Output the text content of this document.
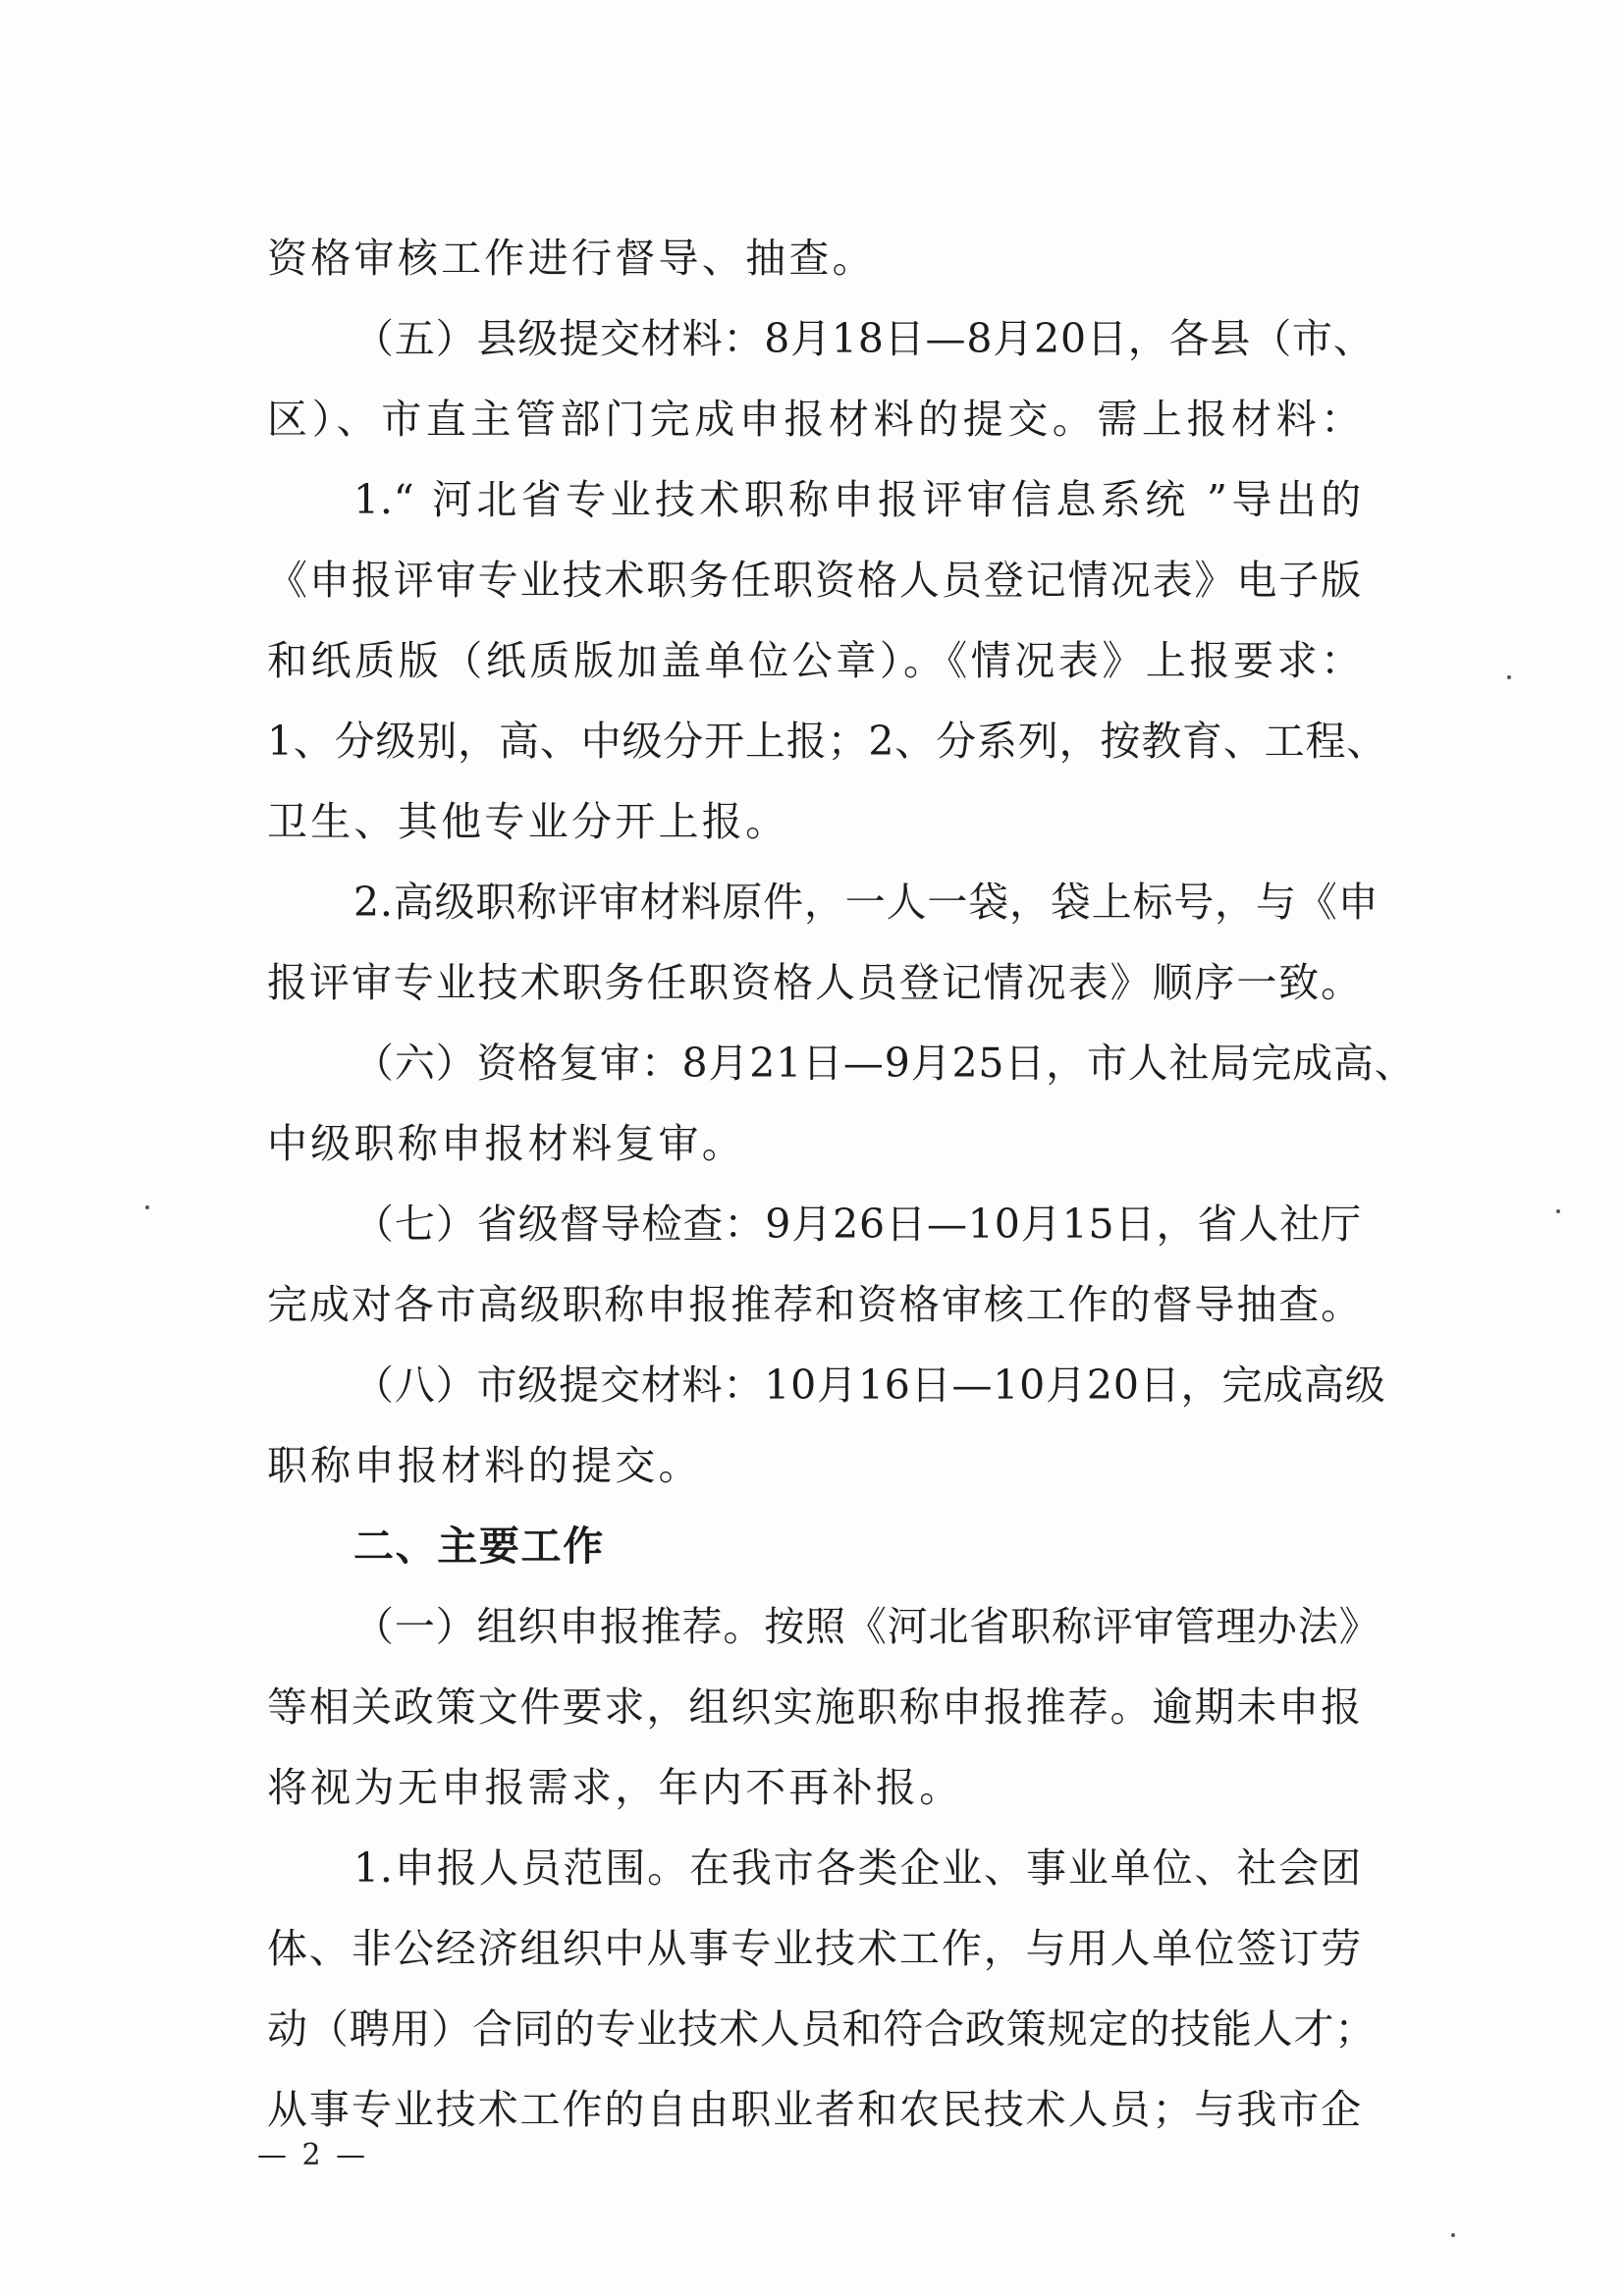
资格审核工作进行督导、抽查。
（五）县级提交材料：8月18日—8月20日，各县（市、
区）、市直主管部门完成申报材料的提交。需上报材料：
1.“ 河北省专业技术职称申报评审信息系统 ”导出的
《申报评审专业技术职务任职资格人员登记情况表》电子版
和纸质版（纸质版加盖单位公章）。《情况表》上报要求：
1、分级别，高、中级分开上报；2、分系列，按教育、工程、
卫生、其他专业分开上报。
2.高级职称评审材料原件，一人一袋，袋上标号，与《申
报评审专业技术职务任职资格人员登记情况表》顺序一致。
（六）资格复审：8月21日—9月25日，市人社局完成高、
中级职称申报材料复审。
（七）省级督导检查：9月26日—10月15日，省人社厅
完成对各市高级职称申报推荐和资格审核工作的督导抽查。
（八）市级提交材料：10月16日—10月20日，完成高级
职称申报材料的提交。
二、主要工作
（一）组织申报推荐。按照《河北省职称评审管理办法》
等相关政策文件要求，组织实施职称申报推荐。逾期未申报
将视为无申报需求，年内不再补报。
1.申报人员范围。在我市各类企业、事业单位、社会团
体、非公经济组织中从事专业技术工作，与用人单位签订劳
动（聘用）合同的专业技术人员和符合政策规定的技能人才；
从事专业技术工作的自由职业者和农民技术人员；与我市企
— 2 —
